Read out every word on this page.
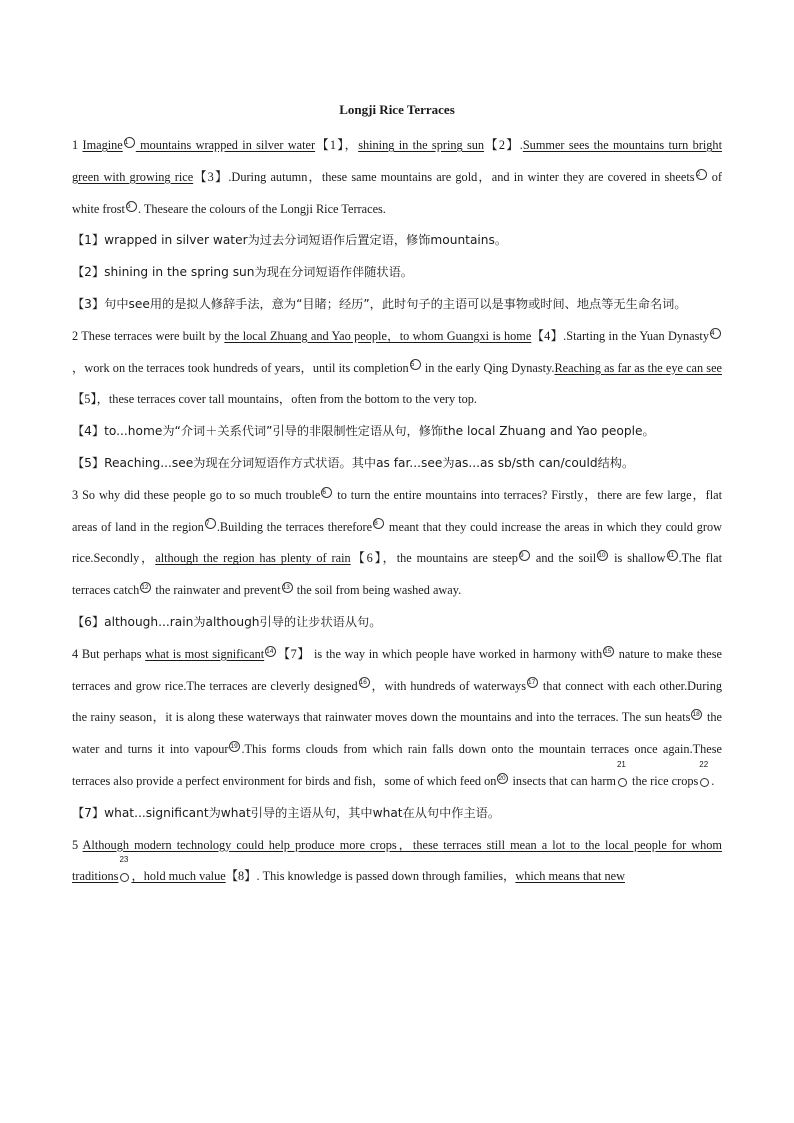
Longji Rice Terraces

1 Imagine 1 mountains wrapped in silver water【1】，shining in the spring sun【2】.Summer sees the mountains turn bright green with growing rice【3】.During autumn，these same mountains are gold，and in winter they are covered in sheets 2 of white frost 3 . Theseare the colours of the Longji Rice Terraces.

【1】wrapped in silver water为过去分词短语作后置定语，修饰mountains。

【2】shining in the spring sun为现在分词短语作伴随状语。

【3】句中see用的是拟人修辞手法，意为“目睹；经历”，此时句子的主语可以是事物或时间、地点等无生命名词。

2 These terraces were built by the local Zhuang and Yao people，to whom Guangxi is home【4】.Starting in the Yuan Dynasty 4，work on the terraces took hundreds of years，until its completion 5 in the early Qing Dynasty.Reaching as far as the eye can see【5】，these terraces cover tall mountains，often from the bottom to the very top.

【4】to...home为“介词＋关系代词”引导的非限制性定语从句，修饰the local Zhuang and Yao people。

【5】Reaching...see为现在分词短语作方式状语。其中as far...see为as...as sb/sth can/could结构。

3 So why did these people go to so much trouble 6 to turn the entire mountains into terraces? Firstly，there are few large，flat areas of land in the region 7 .Building the terraces therefore 8 meant that they could increase the areas in which they could grow rice.Secondly，although the region has plenty of rain【6】，the mountains are steep 9 and the soil 10 is shallow 11 .The flat terraces catch 12 the rainwater and prevent 13 the soil from being washed away.

【6】although...rain为although引导的让步状语从句。

4 But perhaps what is most significant 14 【7】 is the way in which people have worked in harmony with 15 nature to make these terraces and grow rice.The terraces are cleverly designed 16 ，with hundreds of waterways 17 that connect with each other.During the rainy season，it is along these waterways that rainwater moves down the mountains and into the terraces. The sun heats 18 the water and turns it into vapour 19 .This forms clouds from which rain falls down onto the mountain terraces once again.These terraces also provide a perfect environment for birds and fish，some of which feed on 20 insects that can harm
21
the rice crops
22
.

【7】what...significant为what引导的主语从句，其中what在从句中作主语。

5 Although modern technology could help produce more crops，these terraces still mean a lot to the local people for whom traditions
23
，hold much value【8】. This knowledge is passed down through families，which means that new
